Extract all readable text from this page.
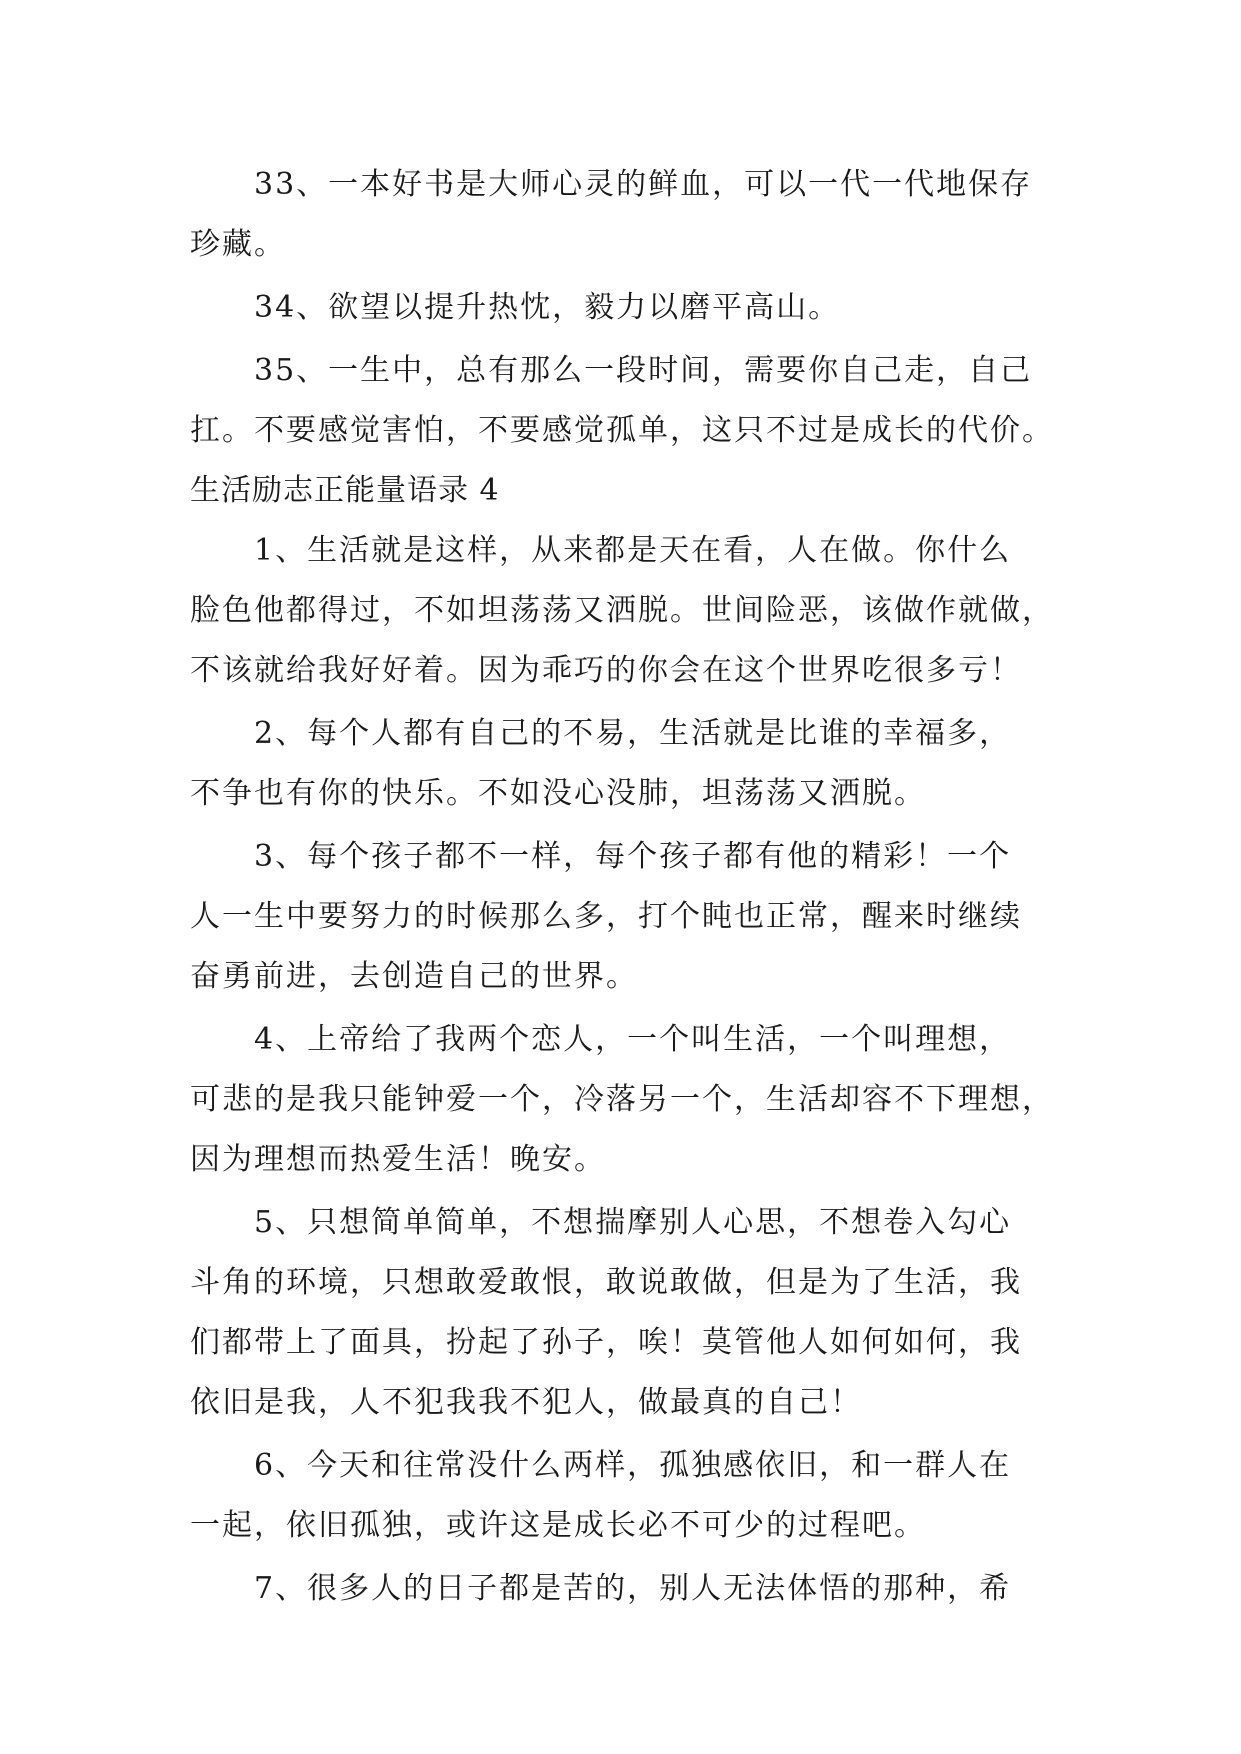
33、一本好书是大师心灵的鲜血，可以一代一代地保存
珍藏。
34、欲望以提升热忱，毅力以磨平高山。
35、一生中，总有那么一段时间，需要你自己走，自己
扛。不要感觉害怕，不要感觉孤单，这只不过是成长的代价。
生活励志正能量语录 4
1、生活就是这样，从来都是天在看，人在做。你什么
脸色他都得过，不如坦荡荡又洒脱。世间险恶，该做作就做，
不该就给我好好着。因为乖巧的你会在这个世界吃很多亏！
2、每个人都有自己的不易，生活就是比谁的幸福多，
不争也有你的快乐。不如没心没肺，坦荡荡又洒脱。
3、每个孩子都不一样，每个孩子都有他的精彩！一个
人一生中要努力的时候那么多，打个盹也正常，醒来时继续
奋勇前进，去创造自己的世界。
4、上帝给了我两个恋人，一个叫生活，一个叫理想，
可悲的是我只能钟爱一个，冷落另一个，生活却容不下理想，
因为理想而热爱生活！晚安。
5、只想简单简单，不想揣摩别人心思，不想卷入勾心
斗角的环境，只想敢爱敢恨，敢说敢做，但是为了生活，我
们都带上了面具，扮起了孙子，唉！莫管他人如何如何，我
依旧是我，人不犯我我不犯人，做最真的自己！
6、今天和往常没什么两样，孤独感依旧，和一群人在
一起，依旧孤独，或许这是成长必不可少的过程吧。
7、很多人的日子都是苦的，别人无法体悟的那种，希
